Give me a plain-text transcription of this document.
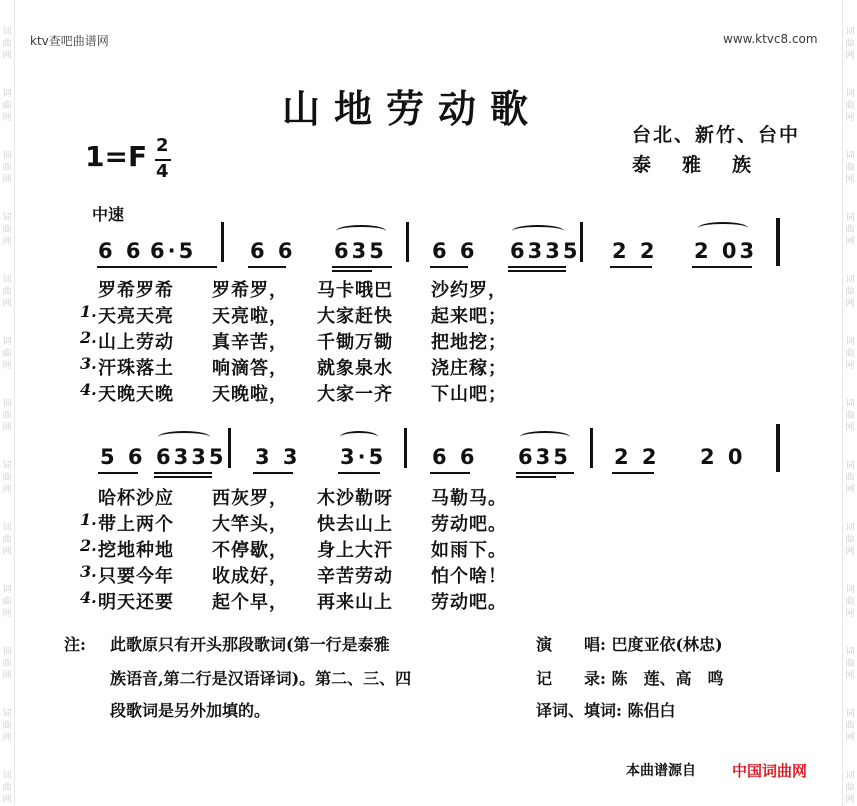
词
曲
网
词
曲
网
词
曲
网
词
曲
网
词
曲
网
词
曲
网
词
曲
网
词
曲
网
词
曲
网
词
曲
网
词
曲
网
词
曲
网
词
曲
网
词
曲
网
词
曲
网
词
曲
网
词
曲
网
词
曲
网
词
曲
网
词
曲
网
词
曲
网
词
曲
网
词
曲
网
词
曲
网
词
曲
网
词
曲
网
ktv查吧曲谱网	www.ktvc8.com
山地劳动歌
台北、新竹、台中
泰　雅　族
1=F 2
4
中速
6 6 6·5	6 6 635 6 6 6335 2 2 2 03
1.
2.
3.
4.
罗希罗希　　罗希罗，　　马卡哦巴　　沙约罗，
天亮天亮　　天亮啦，　　大家赶快　　起来吧；
山上劳动　　真辛苦，　　千锄万锄　　把地挖；
汗珠落土　　响滴答，　　就象泉水　　浇庄稼；
天晚天晚　　天晚啦，　　大家一齐　　下山吧；
5 6 6335 3 3 3·5 6 6 635 2 2 2 0
1.
2.
3.
4.
哈杯沙应　　西灰罗，　　木沙勒呀　　马勒马。
带上两个　　大竿头，　　快去山上　　劳动吧。
挖地种地　　不停歇，　　身上大汗　　如雨下。
只要今年　　收成好，　　辛苦劳动　　怕个啥！
明天还要　　起个早，　　再来山上　　劳动吧。
注: 此歌原只有开头那段歌词(第一行是泰雅
族语音,第二行是汉语译词)。第二、三、四
段歌词是另外加填的。
演　　唱: 巴度亚依(林忠)
记　　录: 陈　莲、高　鸣
译词、填词: 陈侣白
本曲谱源自 中国词曲网
